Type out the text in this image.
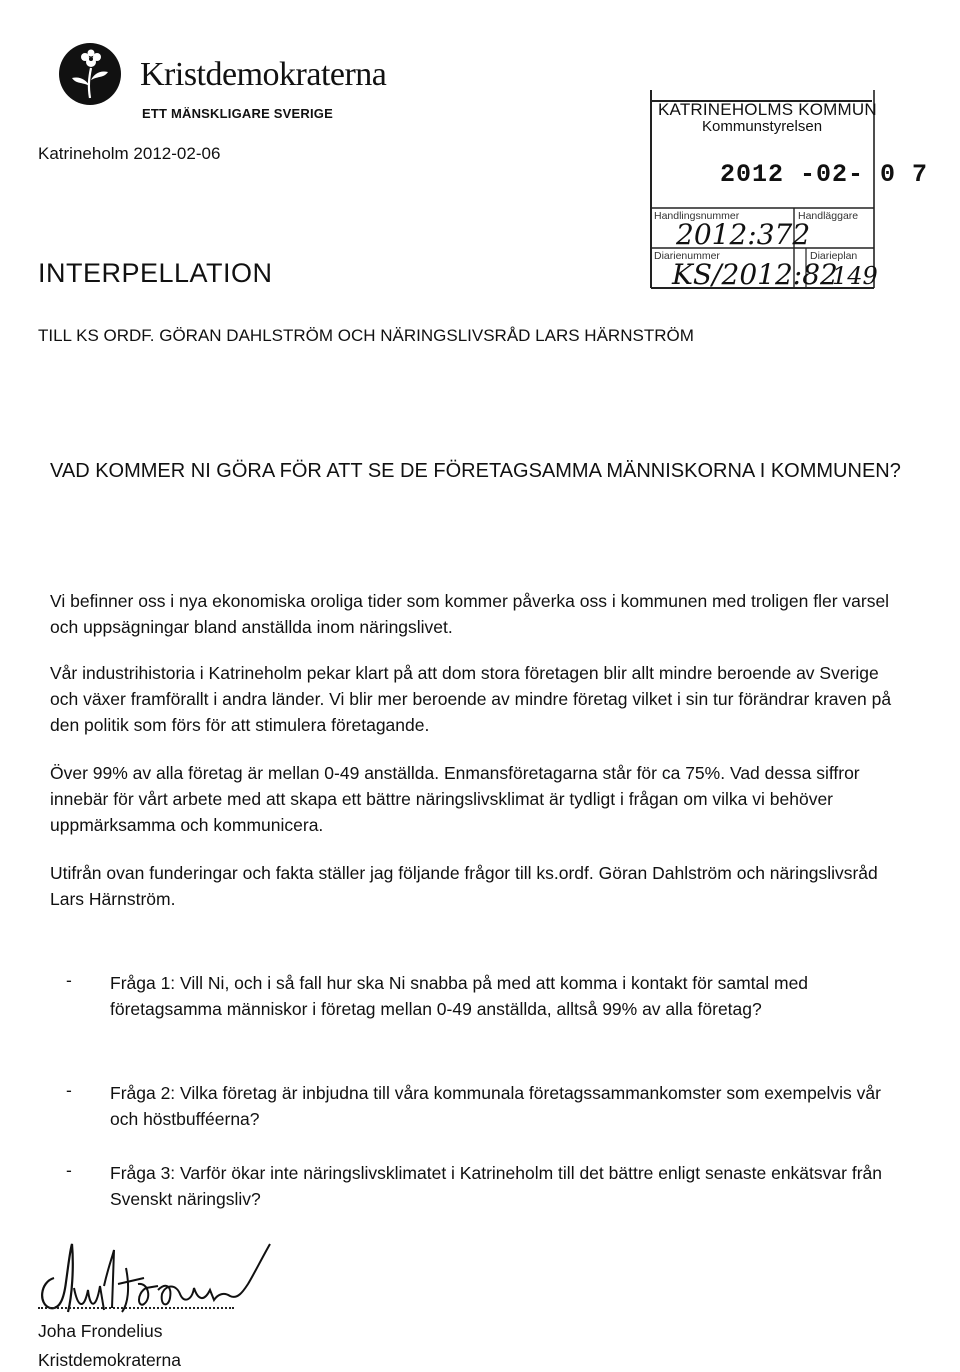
Kristdemokraterna
ETT MÄNSKLIGARE SVERIGE
Katrineholm 2012-02-06
KATRINEHOLMS KOMMUN
Kommunstyrelsen
2012 -02- 0 7
Handlingsnummer	Handläggare
Diarienummer	Diarieplan
2012:372
KS/2012:82
149
INTERPELLATION
TILL KS ORDF. GÖRAN DAHLSTRÖM OCH NÄRINGSLIVSRÅD LARS HÄRNSTRÖM
VAD KOMMER NI GÖRA FÖR ATT SE DE FÖRETAGSAMMA MÄNNISKORNA I KOMMUNEN?
Vi befinner oss i nya ekonomiska oroliga tider som kommer påverka oss i kommunen med troligen fler varsel och uppsägningar bland anställda inom näringslivet.
Vår industrihistoria i Katrineholm pekar klart på att dom stora företagen blir allt mindre beroende av Sverige och växer framförallt i andra länder. Vi blir mer beroende av mindre företag vilket i sin tur förändrar kraven på den politik som förs för att stimulera företagande.
Över 99% av alla företag är mellan 0-49 anställda. Enmansföretagarna står för ca 75%. Vad dessa siffror innebär för vårt arbete med att skapa ett bättre näringslivsklimat är tydligt i frågan om vilka vi behöver uppmärksamma och kommunicera.
Utifrån ovan funderingar och fakta ställer jag följande frågor till ks.ordf. Göran Dahlström och näringslivsråd Lars Härnström.
- Fråga 1: Vill Ni, och i så fall hur ska Ni snabba på med att komma i kontakt för samtal med företagsamma människor i företag mellan 0-49 anställda, alltså 99% av alla företag?
- Fråga 2: Vilka företag är inbjudna till våra kommunala företagssammankomster som exempelvis vår och höstbufféerna?
- Fråga 3: Varför ökar inte näringslivsklimatet i Katrineholm till det bättre enligt senaste enkätsvar från Svenskt näringsliv?
Joha Frondelius
Kristdemokraterna
